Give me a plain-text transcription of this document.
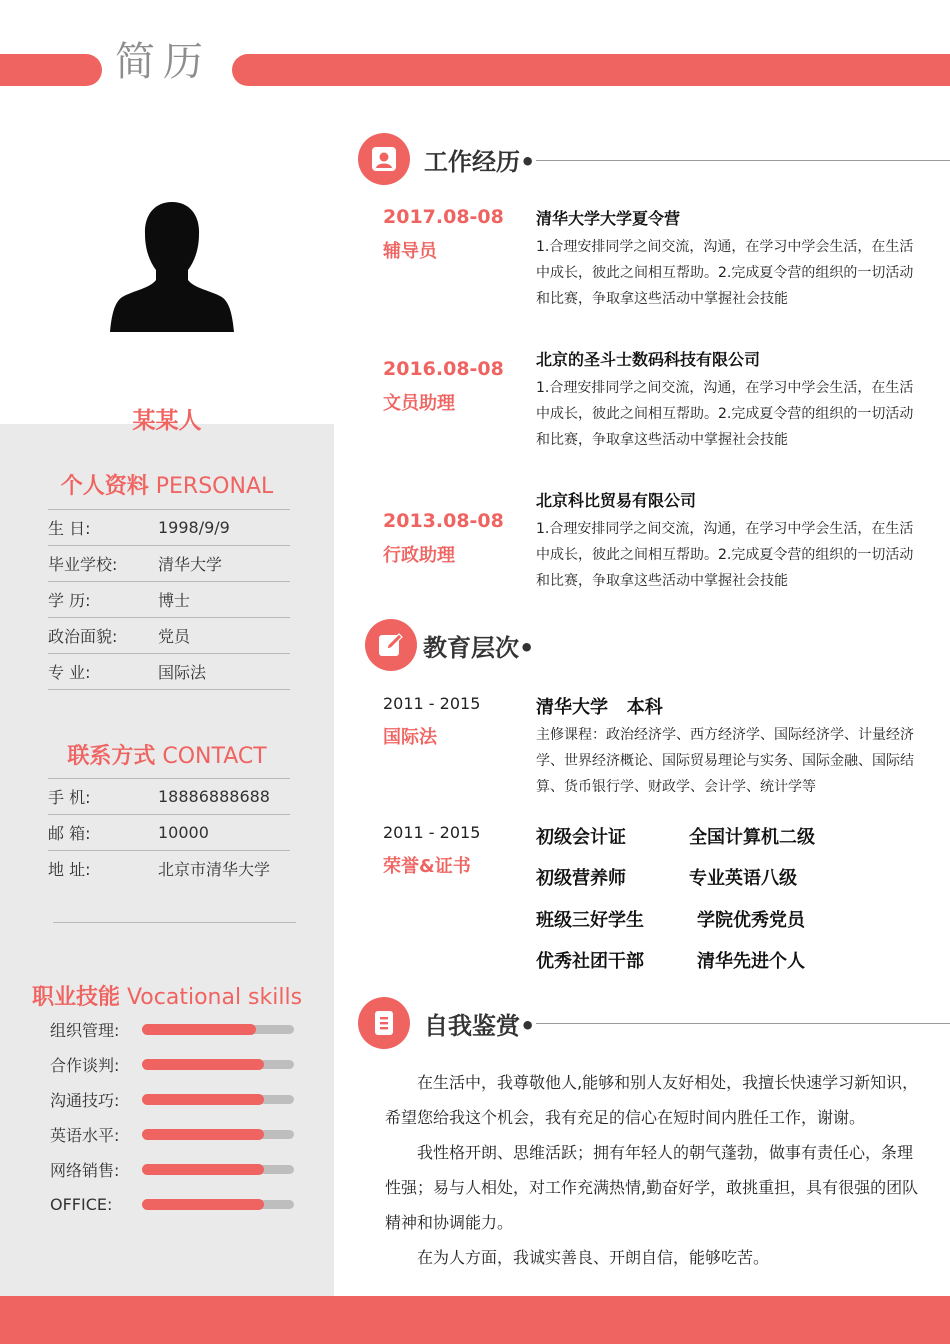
简历
某某人
个人资料 PERSONAL
生 日:	1998/9/9
毕业学校:	清华大学
学 历:	博士
政治面貌:	党员
专 业:	国际法
联系方式 CONTACT
手 机:	18886888688
邮 箱:	10000
地 址:	北京市清华大学
职业技能 Vocational skills
组织管理:
合作谈判:
沟通技巧:
英语水平:
网络销售:
OFFICE:
工作经历•
2017.08-08
辅导员
清华大学大学夏令营
1.合理安排同学之间交流，沟通，在学习中学会生活，在生活中成长，彼此之间相互帮助。2.完成夏令营的组织的一切活动和比赛，争取拿这些活动中掌握社会技能
2016.08-08
文员助理
北京的圣斗士数码科技有限公司
1.合理安排同学之间交流，沟通，在学习中学会生活，在生活中成长，彼此之间相互帮助。2.完成夏令营的组织的一切活动和比赛，争取拿这些活动中掌握社会技能
2013.08-08
行政助理
北京科比贸易有限公司
1.合理安排同学之间交流，沟通，在学习中学会生活，在生活中成长，彼此之间相互帮助。2.完成夏令营的组织的一切活动和比赛，争取拿这些活动中掌握社会技能
教育层次•
2011 - 2015
国际法
清华大学   本科
主修课程：政治经济学、西方经济学、国际经济学、计量经济学、世界经济概论、国际贸易理论与实务、国际金融、国际结算、货币银行学、财政学、会计学、统计学等
2011 - 2015
荣誉&证书
初级会计证	全国计算机二级
初级营养师	专业英语八级
班级三好学生	学院优秀党员
优秀社团干部	清华先进个人
自我鉴赏•

在生活中，我尊敬他人,能够和别人友好相处，我擅长快速学习新知识，希望您给我这个机会，我有充足的信心在短时间内胜任工作，谢谢。

我性格开朗、思维活跃；拥有年轻人的朝气蓬勃，做事有责任心，条理性强；易与人相处，对工作充满热情,勤奋好学，敢挑重担，具有很强的团队精神和协调能力。

在为人方面，我诚实善良、开朗自信，能够吃苦。
